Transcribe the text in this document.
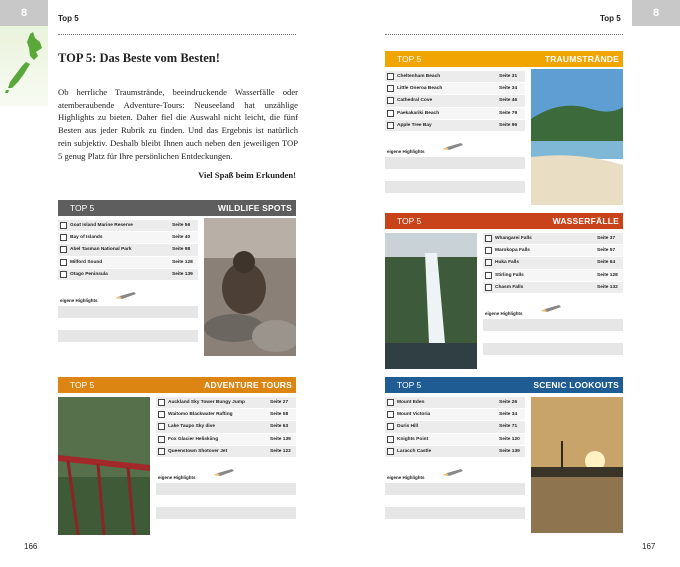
8	Top 5
TOP 5: Das Beste vom Besten!
Ob herrliche Traumstrände, beeindruckende Wasserfälle oder atemberaubende Adventure-Tours: Neuseeland hat unzählige Highlights zu bieten. Daher fiel die Auswahl nicht leicht, die fünf Besten aus jeder Rubrik zu finden. Und das Ergebnis ist natürlich rein subjektiv. Deshalb bleibt Ihnen auch neben den jeweiligen TOP 5 genug Platz für Ihre persönlichen Entdeckungen.
Viel Spaß beim Erkunden!
TOP 5	WILDLIFE SPOTS
Goat Island Marine Reserve	Seite 56
Bay of Islands	Seite 40
Abel Tasman National Park	Seite 98
Milford Sound	Seite 128
Otago Peninsula	Seite 139
eigene Highlights
TOP 5	ADVENTURE TOURS
Auckland Sky Tower Bungy Jump	Seite 27
Waitomo Blackwater Rafting	Seite 58
Lake Taupo Sky dive	Seite 63
Fox Glacier Heliskiing	Seite 139
Queenstown Shotover Jet	Seite 122
eigene Highlights
166
8
Top 5
TOP 5	TRAUMSTRÄNDE
Cheltenham Beach	Seite 31
Little Oneroa Beach	Seite 34
Cathedral Cove	Seite 46
Paekakariki Beach	Seite 79
Apple Tree Bay	Seite 96
eigene Highlights
TOP 5	WASSERFÄLLE
Whangarei Falls	Seite 37
Marokopa Falls	Seite 57
Huka Falls	Seite 64
Stirling Falls	Seite 128
Chasm Falls	Seite 132
eigene Highlights
TOP 5	SCENIC LOOKOUTS
Mount Eden	Seite 26
Mount Victoria	Seite 34
Duris Hill	Seite 71
Knights Point	Seite 120
Laracch Castle	Seite 139
eigene Highlights
167
